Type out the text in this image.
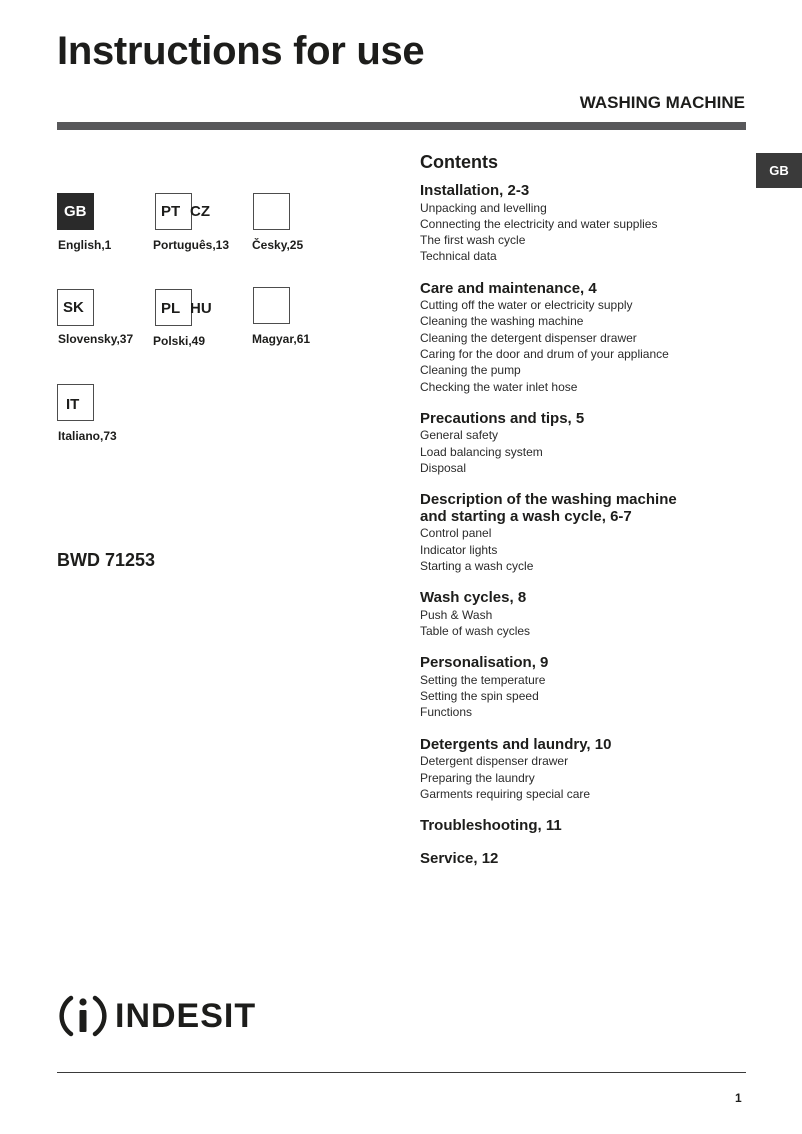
Instructions for use
WASHING MACHINE
GB
GB
English,1
PT CZ
Português,13 Česky,25
SK
Slovensky,37
PL HU
Polski,49	Magyar,61
IT
Italiano,73
BWD 71253
Contents
Installation, 2-3
Unpacking and levelling
Connecting the electricity and water supplies
The first wash cycle
Technical data
Care and maintenance, 4
Cutting off the water or electricity supply
Cleaning the washing machine
Cleaning the detergent dispenser drawer
Caring for the door and drum of your appliance
Cleaning the pump
Checking the water inlet hose
Precautions and tips, 5
General safety
Load balancing system
Disposal
Description of the washing machine
and starting a wash cycle, 6-7
Control panel
Indicator lights
Starting a wash cycle
Wash cycles, 8
Push & Wash
Table of wash cycles
Personalisation, 9
Setting the temperature
Setting the spin speed
Functions
Detergents and laundry, 10
Detergent dispenser drawer
Preparing the laundry
Garments requiring special care
Troubleshooting, 11
Service, 12
INDESIT
1
